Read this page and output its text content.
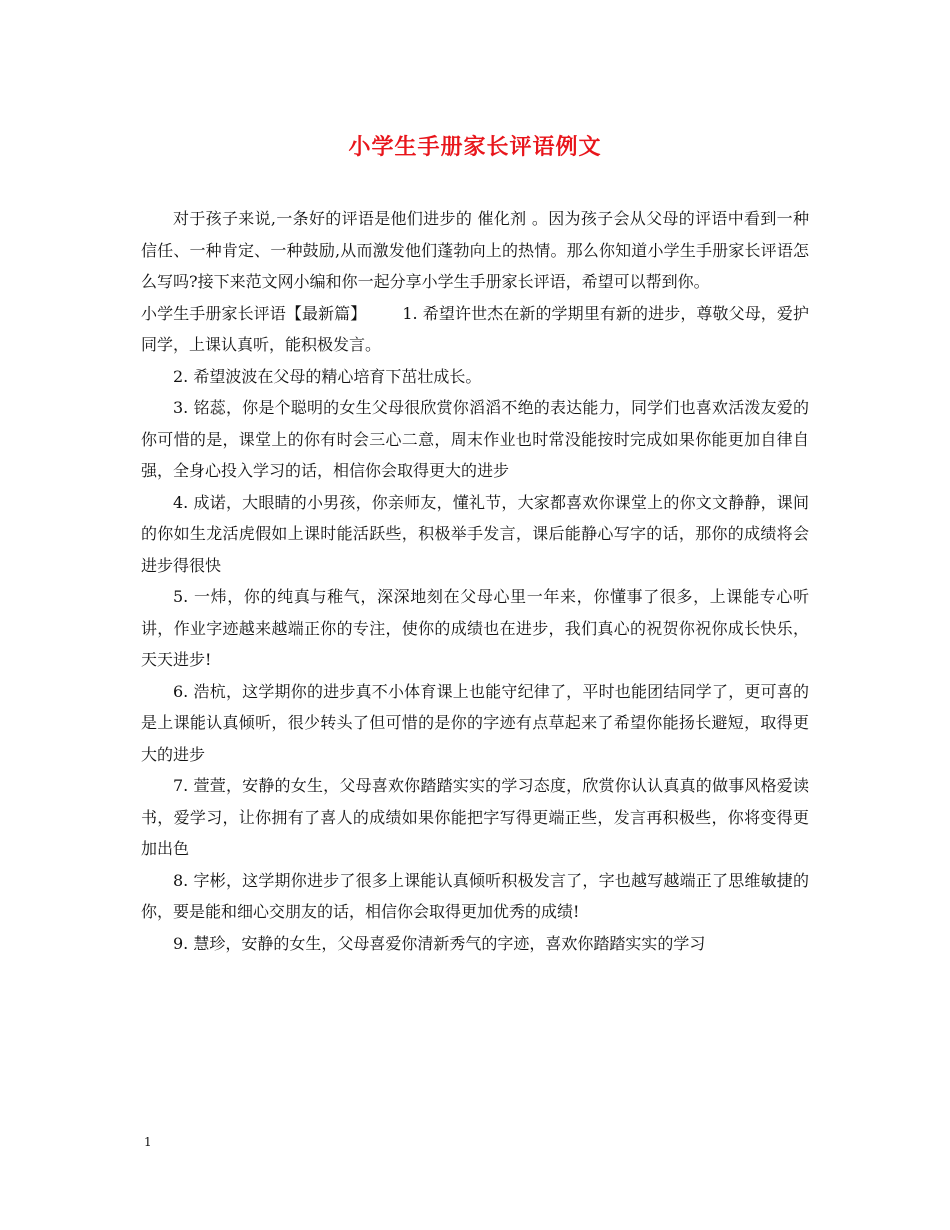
小学生手册家长评语例文

对于孩子来说,一条好的评语是他们进步的 催化剂 。因为孩子会从父母的评语中看到一种信任、一种肯定、一种鼓励,从而激发他们蓬勃向上的热情。那么你知道小学生手册家长评语怎么写吗?接下来范文网小编和你一起分享小学生手册家长评语，希望可以帮到你。

小学生手册家长评语【最新篇】 1. 希望许世杰在新的学期里有新的进步，尊敬父母，爱护同学，上课认真听，能积极发言。

2. 希望波波在父母的精心培育下茁壮成长。

3. 铭蕊，你是个聪明的女生父母很欣赏你滔滔不绝的表达能力，同学们也喜欢活泼友爱的你可惜的是，课堂上的你有时会三心二意，周末作业也时常没能按时完成如果你能更加自律自强，全身心投入学习的话，相信你会取得更大的进步

4. 成诺，大眼睛的小男孩，你亲师友，懂礼节，大家都喜欢你课堂上的你文文静静，课间的你如生龙活虎假如上课时能活跃些，积极举手发言，课后能静心写字的话，那你的成绩将会进步得很快

5. 一炜，你的纯真与稚气，深深地刻在父母心里一年来，你懂事了很多，上课能专心听讲，作业字迹越来越端正你的专注，使你的成绩也在进步，我们真心的祝贺你祝你成长快乐，天天进步!

6. 浩杭，这学期你的进步真不小体育课上也能守纪律了，平时也能团结同学了，更可喜的是上课能认真倾听，很少转头了但可惜的是你的字迹有点草起来了希望你能扬长避短，取得更大的进步

7. 萱萱，安静的女生，父母喜欢你踏踏实实的学习态度，欣赏你认认真真的做事风格爱读书，爱学习，让你拥有了喜人的成绩如果你能把字写得更端正些，发言再积极些，你将变得更加出色

8. 字彬，这学期你进步了很多上课能认真倾听积极发言了，字也越写越端正了思维敏捷的你，要是能和细心交朋友的话，相信你会取得更加优秀的成绩!

9. 慧珍，安静的女生，父母喜爱你清新秀气的字迹，喜欢你踏踏实实的学习

1
